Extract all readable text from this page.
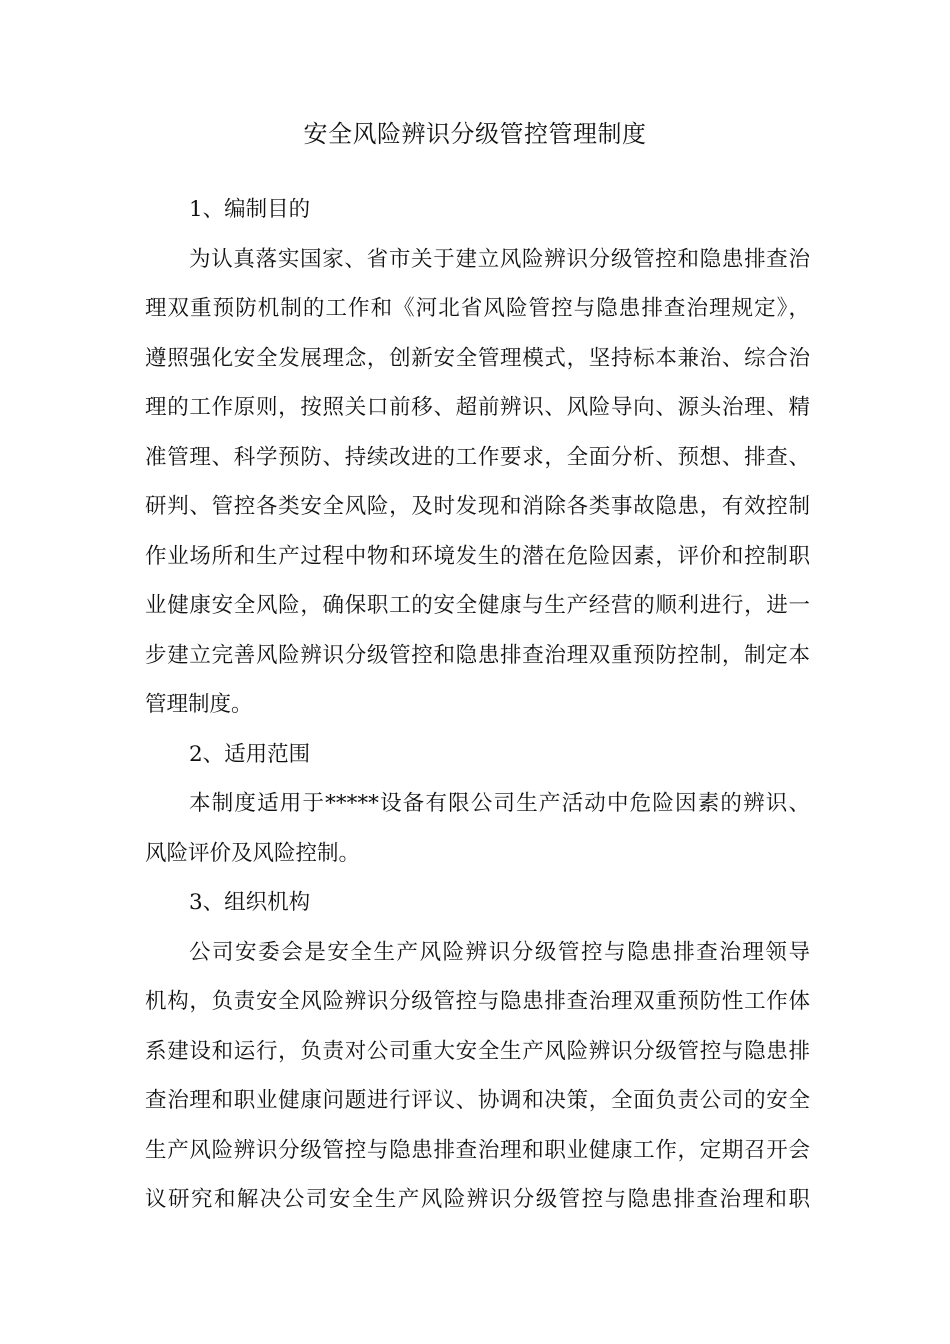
安全风险辨识分级管控管理制度

1、编制目的

为认真落实国家、省市关于建立风险辨识分级管控和隐患排查治

理双重预防机制的工作和《河北省风险管控与隐患排查治理规定》，

遵照强化安全发展理念，创新安全管理模式，坚持标本兼治、综合治

理的工作原则，按照关口前移、超前辨识、风险导向、源头治理、精

准管理、科学预防、持续改进的工作要求，全面分析、预想、排查、

研判、管控各类安全风险，及时发现和消除各类事故隐患，有效控制

作业场所和生产过程中物和环境发生的潜在危险因素，评价和控制职

业健康安全风险，确保职工的安全健康与生产经营的顺利进行，进一

步建立完善风险辨识分级管控和隐患排查治理双重预防控制，制定本

管理制度。

2、适用范围

本制度适用于*****设备有限公司生产活动中危险因素的辨识、

风险评价及风险控制。

3、组织机构

公司安委会是安全生产风险辨识分级管控与隐患排查治理领导

机构，负责安全风险辨识分级管控与隐患排查治理双重预防性工作体

系建设和运行，负责对公司重大安全生产风险辨识分级管控与隐患排

查治理和职业健康问题进行评议、协调和决策，全面负责公司的安全

生产风险辨识分级管控与隐患排查治理和职业健康工作，定期召开会

议研究和解决公司安全生产风险辨识分级管控与隐患排查治理和职
